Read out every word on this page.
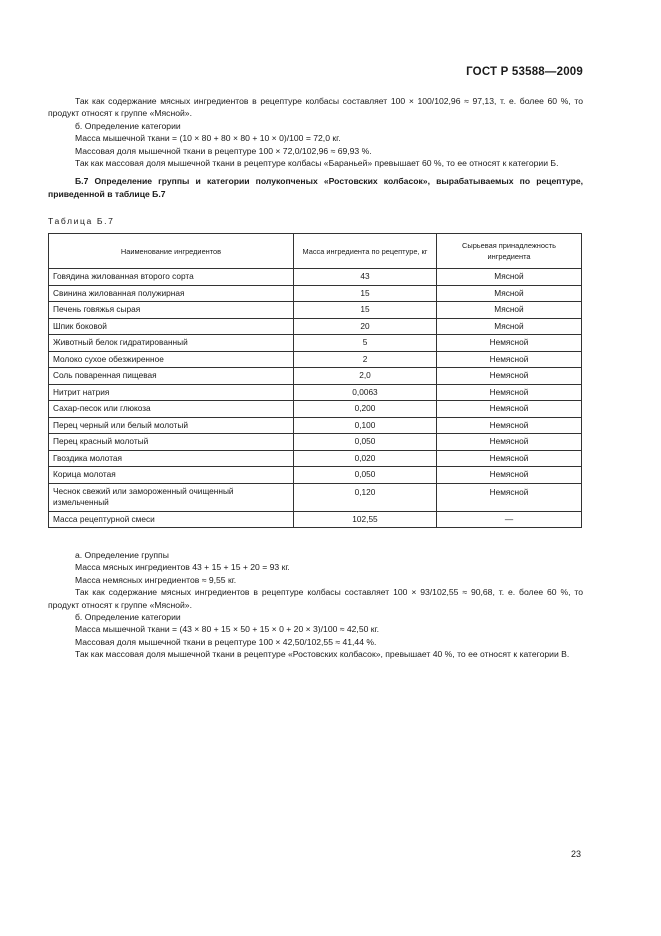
ГОСТ Р 53588—2009

Так как содержание мясных ингредиентов в рецептуре колбасы составляет 100 × 100/102,96 ≈ 97,13, т. е. более 60 %, то продукт относят к группе «Мясной».

б. Определение категории

Масса мышечной ткани = (10 × 80 + 80 × 80 + 10 × 0)/100 = 72,0 кг.

Массовая доля мышечной ткани в рецептуре 100 × 72,0/102,96 ≈ 69,93 %.

Так как массовая доля мышечной ткани в рецептуре колбасы «Бараньей» превышает 60 %, то ее относят к категории Б.

Б.7 Определение группы и категории полукопченых «Ростовских колбасок», вырабатываемых по рецептуре, приведенной в таблице Б.7

Таблица Б.7
Наименование ингредиентов	Масса ингредиента по рецептуре, кг	Сырьевая принадлежность ингредиента
Говядина жилованная второго сорта	43	Мясной
Свинина жилованная полужирная	15	Мясной
Печень говяжья сырая	15	Мясной
Шпик боковой	20	Мясной
Животный белок гидратированный	5	Немясной
Молоко сухое обезжиренное	2	Немясной
Соль поваренная пищевая	2,0	Немясной
Нитрит натрия	0,0063	Немясной
Сахар-песок или глюкоза	0,200	Немясной
Перец черный или белый молотый	0,100	Немясной
Перец красный молотый	0,050	Немясной
Гвоздика молотая	0,020	Немясной
Корица молотая	0,050	Немясной
Чеснок свежий или замороженный очищенный измельченный	0,120	Немясной
Масса рецептурной смеси	102,55	—

а. Определение группы

Масса мясных ингредиентов 43 + 15 + 15 + 20 = 93 кг.

Масса немясных ингредиентов ≈ 9,55 кг.

Так как содержание мясных ингредиентов в рецептуре колбасы составляет 100 × 93/102,55 ≈ 90,68, т. е. более 60 %, то продукт относят к группе «Мясной».

б. Определение категории

Масса мышечной ткани = (43 × 80 + 15 × 50 + 15 × 0 + 20 × 3)/100 ≈ 42,50 кг.

Массовая доля мышечной ткани в рецептуре 100 × 42,50/102,55 ≈ 41,44 %.

Так как массовая доля мышечной ткани в рецептуре «Ростовских колбасок», превышает 40 %, то ее относят к категории В.

23
